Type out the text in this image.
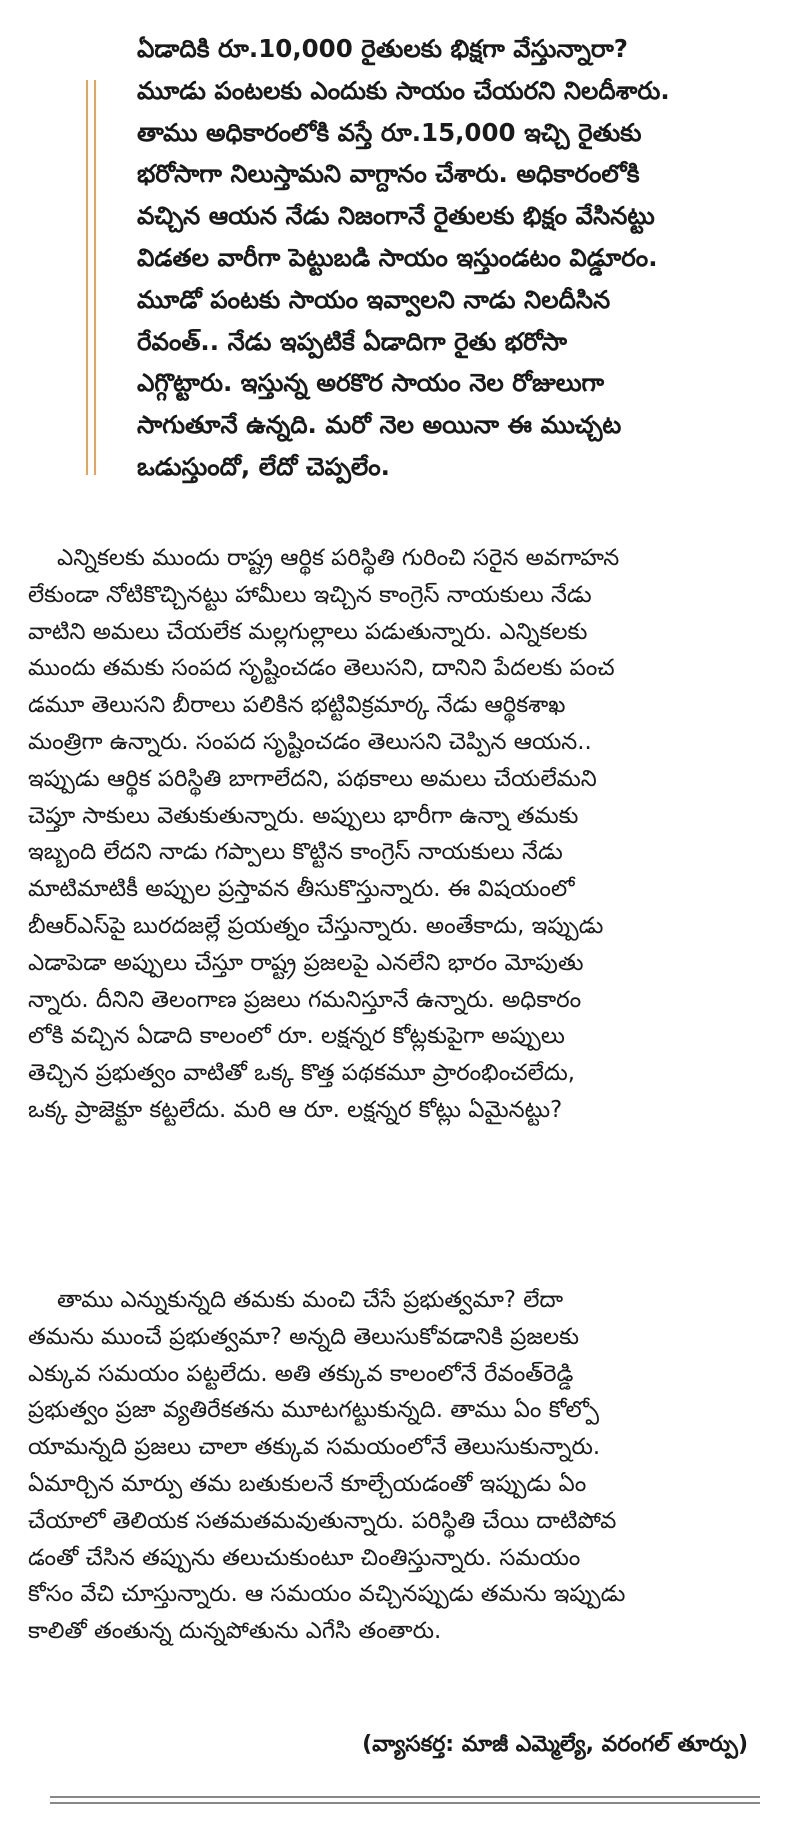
ఏడాదికి రూ.10,000 రైతులకు భిక్షగా వేస్తున్నారా?
మూడు పంటలకు ఎందుకు సాయం చేయరని నిలదీశారు.
తాము అధికారంలోకి వస్తే రూ.15,000 ఇచ్చి రైతుకు
భరోసాగా నిలుస్తామని వాగ్దానం చేశారు. అధికారంలోకి
వచ్చిన ఆయన నేడు నిజంగానే రైతులకు భిక్షం వేసినట్టు
విడతల వారీగా పెట్టుబడి సాయం ఇస్తుండటం విడ్డూరం.
మూడో పంటకు సాయం ఇవ్వాలని నాడు నిలదీసిన
రేవంత్.. నేడు ఇప్పటికే ఏడాదిగా రైతు భరోసా
ఎగ్గొట్టారు. ఇస్తున్న అరకొర సాయం నెల రోజులుగా
సాగుతూనే ఉన్నది. మరో నెల అయినా ఈ ముచ్చట
ఒడుస్తుందో, లేదో చెప్పలేం.
ఎన్నికలకు ముందు రాష్ట్ర ఆర్థిక పరిస్థితి గురించి సరైన అవగాహన
లేకుండా నోటికొచ్చినట్టు హామీలు ఇచ్చిన కాంగ్రెస్ నాయకులు నేడు
వాటిని అమలు చేయలేక మల్లగుల్లాలు పడుతున్నారు. ఎన్నికలకు
ముందు తమకు సంపద సృష్టించడం తెలుసని, దానిని పేదలకు పంచ
డమూ తెలుసని బీరాలు పలికిన భట్టివిక్రమార్క నేడు ఆర్థికశాఖ
మంత్రిగా ఉన్నారు. సంపద సృష్టించడం తెలుసని చెప్పిన ఆయన..
ఇప్పుడు ఆర్థిక పరిస్థితి బాగాలేదని, పథకాలు అమలు చేయలేమని
చెప్తూ సాకులు వెతుకుతున్నారు. అప్పులు భారీగా ఉన్నా తమకు
ఇబ్బంది లేదని నాడు గప్పాలు కొట్టిన కాంగ్రెస్ నాయకులు నేడు
మాటిమాటికీ అప్పుల ప్రస్తావన తీసుకొస్తున్నారు. ఈ విషయంలో
బీఆర్ఎస్‌పై బురదజల్లే ప్రయత్నం చేస్తున్నారు. అంతేకాదు, ఇప్పుడు
ఎడాపెడా అప్పులు చేస్తూ రాష్ట్ర ప్రజలపై ఎనలేని భారం మోపుతు
న్నారు. దీనిని తెలంగాణ ప్రజలు గమనిస్తూనే ఉన్నారు. అధికారం
లోకి వచ్చిన ఏడాది కాలంలో రూ. లక్షన్నర కోట్లకుపైగా అప్పులు
తెచ్చిన ప్రభుత్వం వాటితో ఒక్క కొత్త పథకమూ ప్రారంభించలేదు,
ఒక్క ప్రాజెక్టూ కట్టలేదు. మరి ఆ రూ. లక్షన్నర కోట్లు ఏమైనట్టు?
తాము ఎన్నుకున్నది తమకు మంచి చేసే ప్రభుత్వమా? లేదా
తమను ముంచే ప్రభుత్వమా? అన్నది తెలుసుకోవడానికి ప్రజలకు
ఎక్కువ సమయం పట్టలేదు. అతి తక్కువ కాలంలోనే రేవంత్‌రెడ్డి
ప్రభుత్వం ప్రజా వ్యతిరేకతను మూటగట్టుకున్నది. తాము ఏం కోల్పో
యామన్నది ప్రజలు చాలా తక్కువ సమయంలోనే తెలుసుకున్నారు.
ఏమార్చిన మార్పు తమ బతుకులనే కూల్చేయడంతో ఇప్పుడు ఏం
చేయాలో తెలియక సతమతమవుతున్నారు. పరిస్థితి చేయి దాటిపోవ
డంతో చేసిన తప్పును తలుచుకుంటూ చింతిస్తున్నారు. సమయం
కోసం వేచి చూస్తున్నారు. ఆ సమయం వచ్చినప్పుడు తమను ఇప్పుడు
కాలితో తంతున్న దున్నపోతును ఎగేసి తంతారు.
(వ్యాసకర్త: మాజీ ఎమ్మెల్యే, వరంగల్ తూర్పు)
